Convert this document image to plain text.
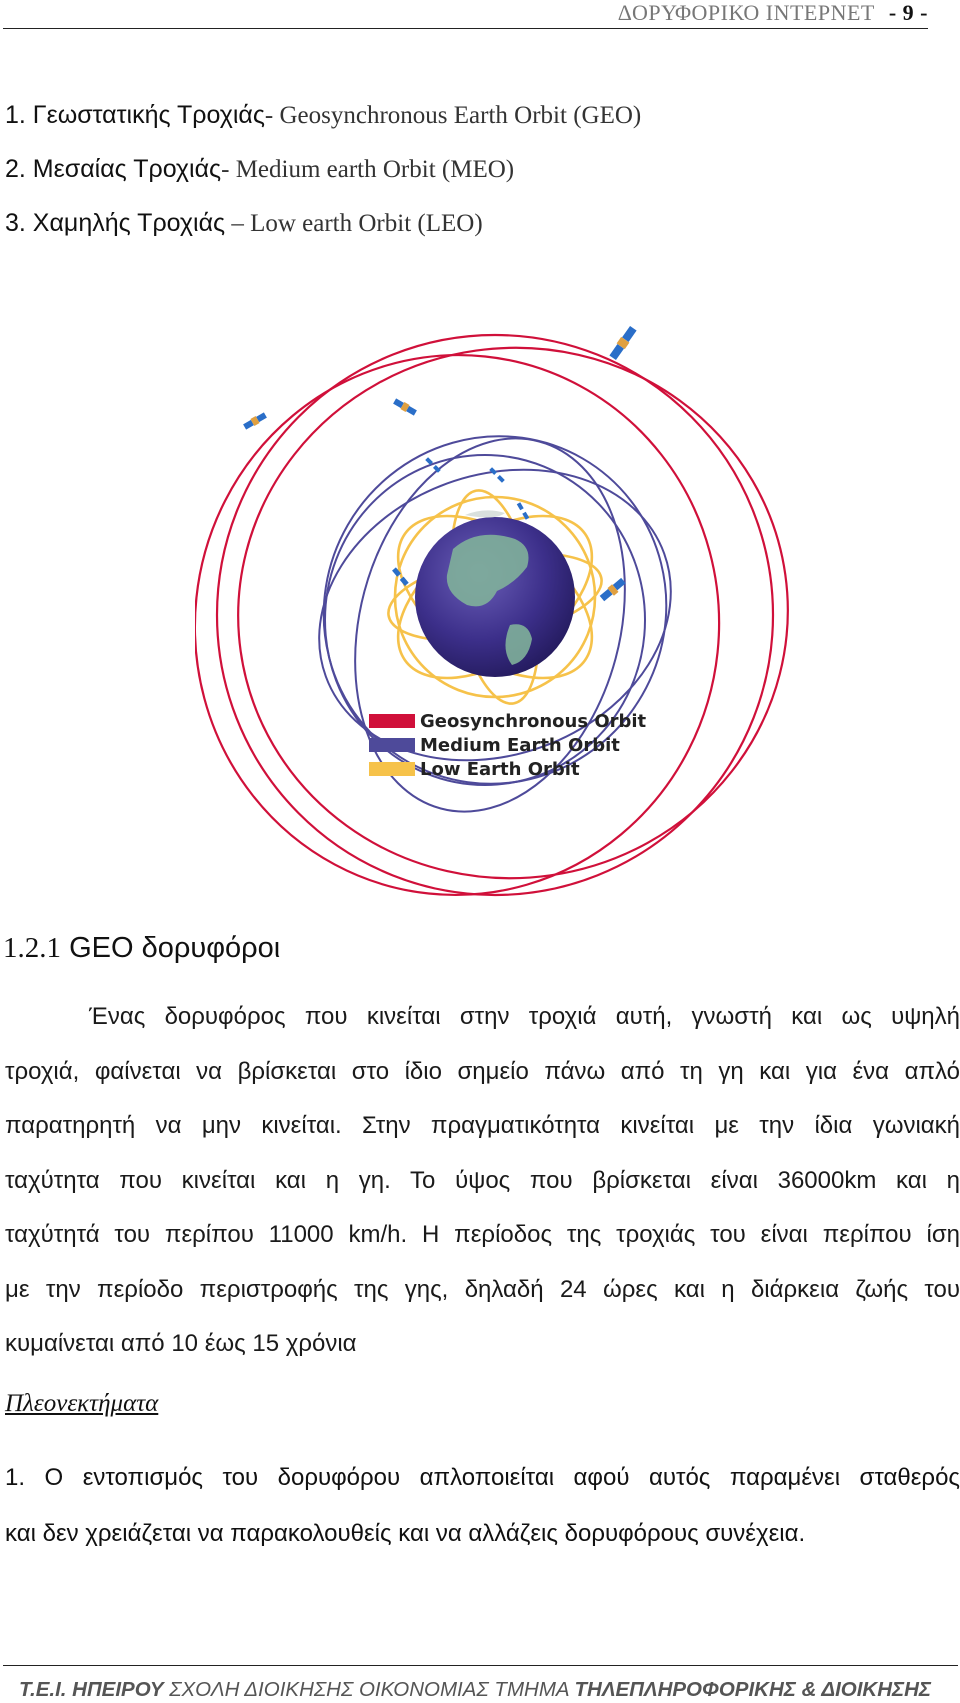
ΔΟΡΥΦΟΡΙΚΟ ΙΝΤΕΡΝΕΤ - 9 -
1. Γεωστατικής Τροχιάς- Geosynchronous Earth Orbit (GEO)
2. Μεσαίας Τροχιάς- Medium earth Orbit (MEO)
3. Χαμηλής Τροχιάς – Low earth Orbit (LEO)
Geosynchronous Orbit
Medium Earth Orbit
Low Earth Orbit
1.2.1 GEO δορυφόροι
Ένας δορυφόρος που κινείται στην τροχιά αυτή, γνωστή και ως υψηλή
τροχιά, φαίνεται να βρίσκεται στο ίδιο σημείο πάνω από τη γη και για ένα απλό
παρατηρητή να μην κινείται. Στην πραγματικότητα κινείται με την ίδια γωνιακή
ταχύτητα που κινείται και η γη. Το ύψος που βρίσκεται είναι 36000km και η
ταχύτητά του περίπου 11000 km/h. Η περίοδος της τροχιάς του είναι περίπου ίση
με την περίοδο περιστροφής της γης, δηλαδή 24 ώρες και η διάρκεια ζωής του
κυμαίνεται από 10 έως 15 χρόνια
Πλεονεκτήματα
1. Ο εντοπισμός του δορυφόρου απλοποιείται αφού αυτός παραμένει σταθερός
και δεν χρειάζεται να παρακολουθείς και να αλλάζεις δορυφόρους συνέχεια.
Τ.Ε.Ι. ΗΠΕΙΡΟΥ ΣΧΟΛΗ ΔΙΟΙΚΗΣΗΣ ΟΙΚΟΝΟΜΙΑΣ ΤΜΗΜΑ ΤΗΛΕΠΛΗΡΟΦΟΡΙΚΗΣ & ΔΙΟΙΚΗΣΗΣ
